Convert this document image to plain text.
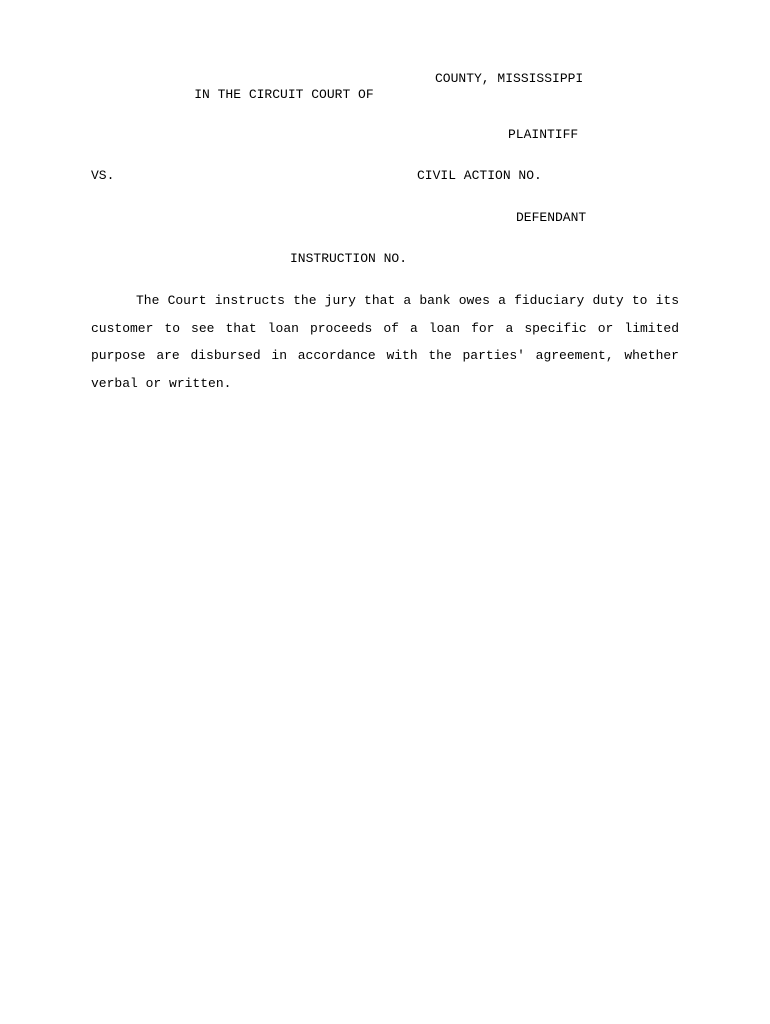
IN THE CIRCUIT COURT OF

COUNTY, MISSISSIPPI

PLAINTIFF
VS.	CIVIL ACTION NO.
DEFENDANT
INSTRUCTION NO.

The Court instructs the jury that a bank owes a fiduciary duty to its customer to see that loan proceeds of a loan for a specific or limited purpose are disbursed in accordance with the parties' agreement, whether verbal or written.
